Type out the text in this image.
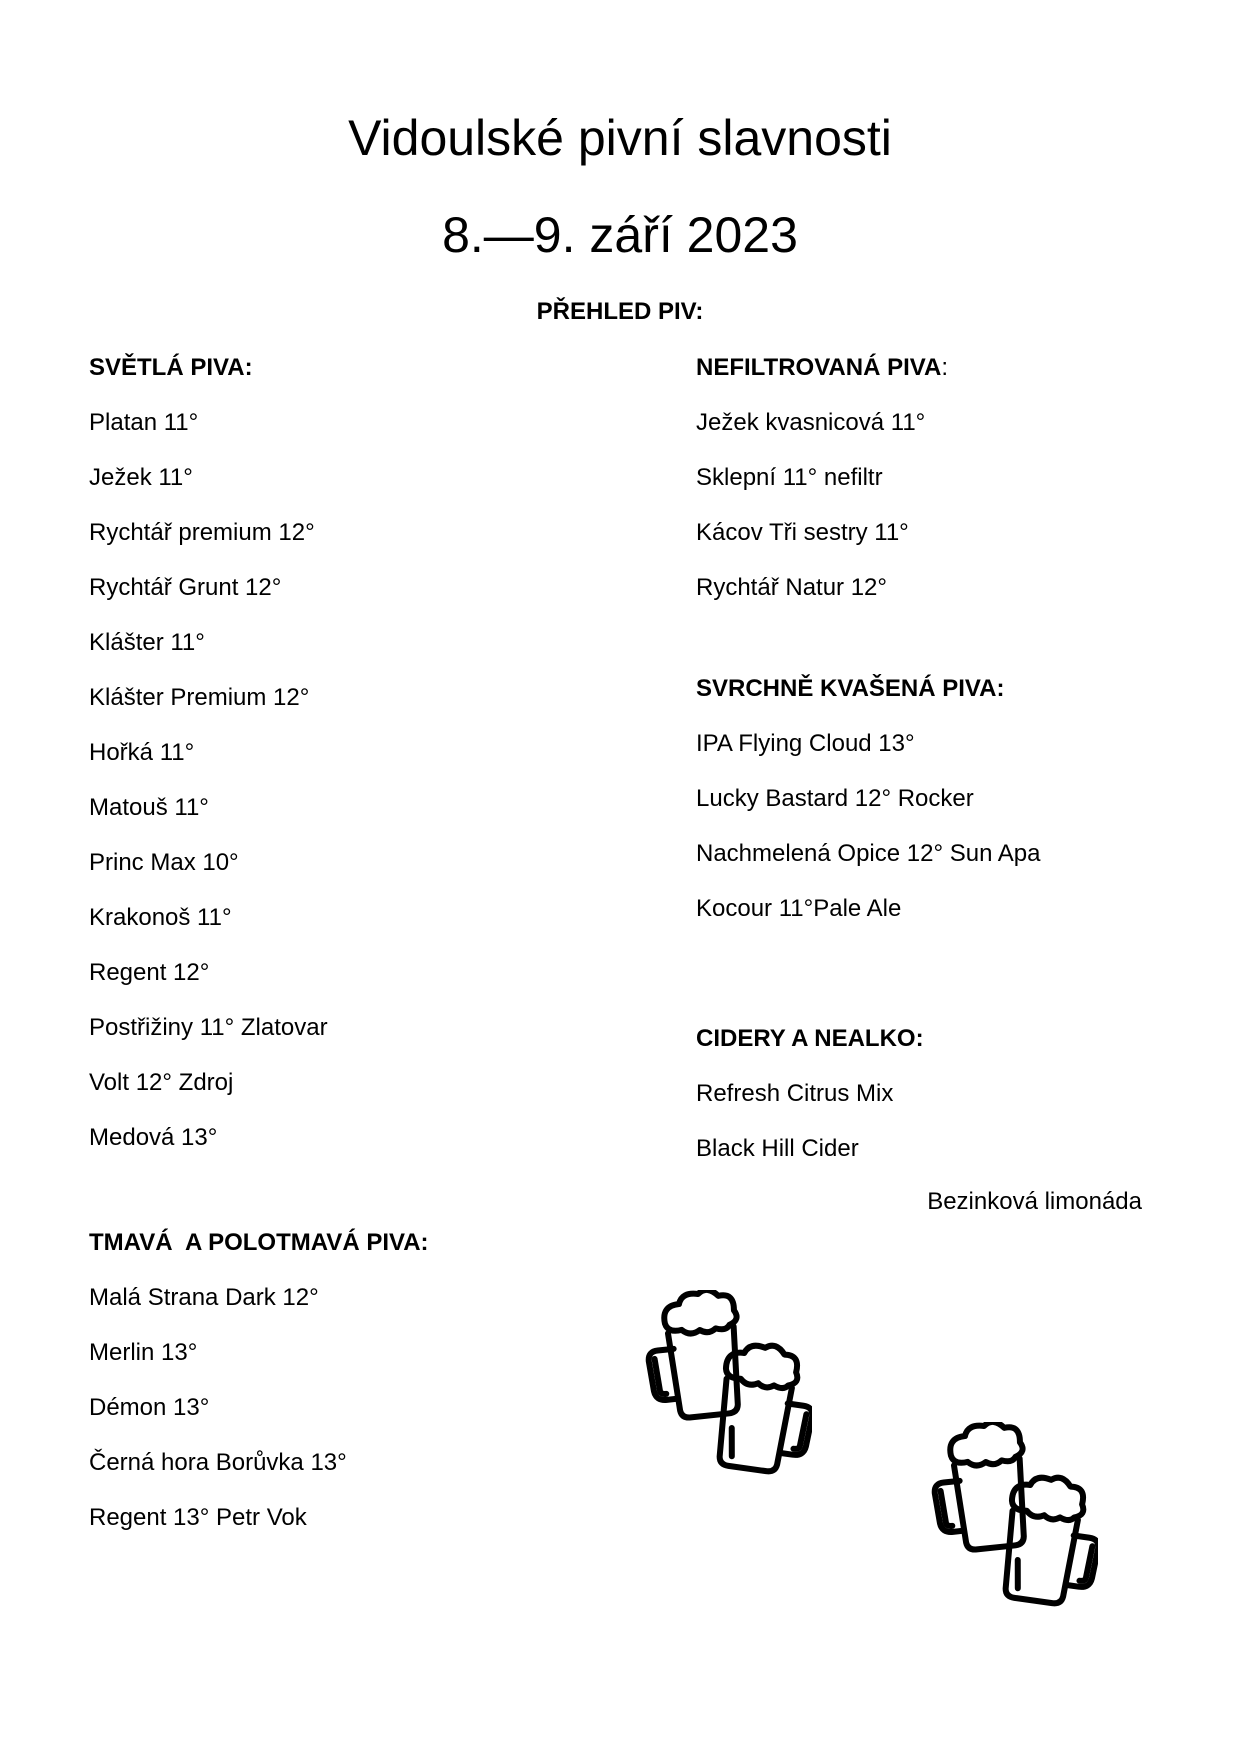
Vidoulské pivní slavnosti
8.—9. září 2023
PŘEHLED PIV:
SVĚTLÁ PIVA:
Platan 11°
Ježek 11°
Rychtář premium 12°
Rychtář Grunt 12°
Klášter 11°
Klášter Premium 12°
Hořká 11°
Matouš 11°
Princ Max 10°
Krakonoš 11°
Regent 12°
Postřižiny 11° Zlatovar
Volt 12° Zdroj
Medová 13°
TMAVÁ  A POLOTMAVÁ PIVA:
Malá Strana Dark 12°
Merlin 13°
Démon 13°
Černá hora Borůvka 13°
Regent 13° Petr Vok
NEFILTROVANÁ PIVA:
Ježek kvasnicová 11°
Sklepní 11° nefiltr
Kácov Tři sestry 11°
Rychtář Natur 12°
SVRCHNĚ KVAŠENÁ PIVA:
IPA Flying Cloud 13°
Lucky Bastard 12° Rocker
Nachmelená Opice 12° Sun Apa
Kocour 11°Pale Ale
CIDERY A NEALKO:
Refresh Citrus Mix
Black Hill Cider
Bezinková limonáda
